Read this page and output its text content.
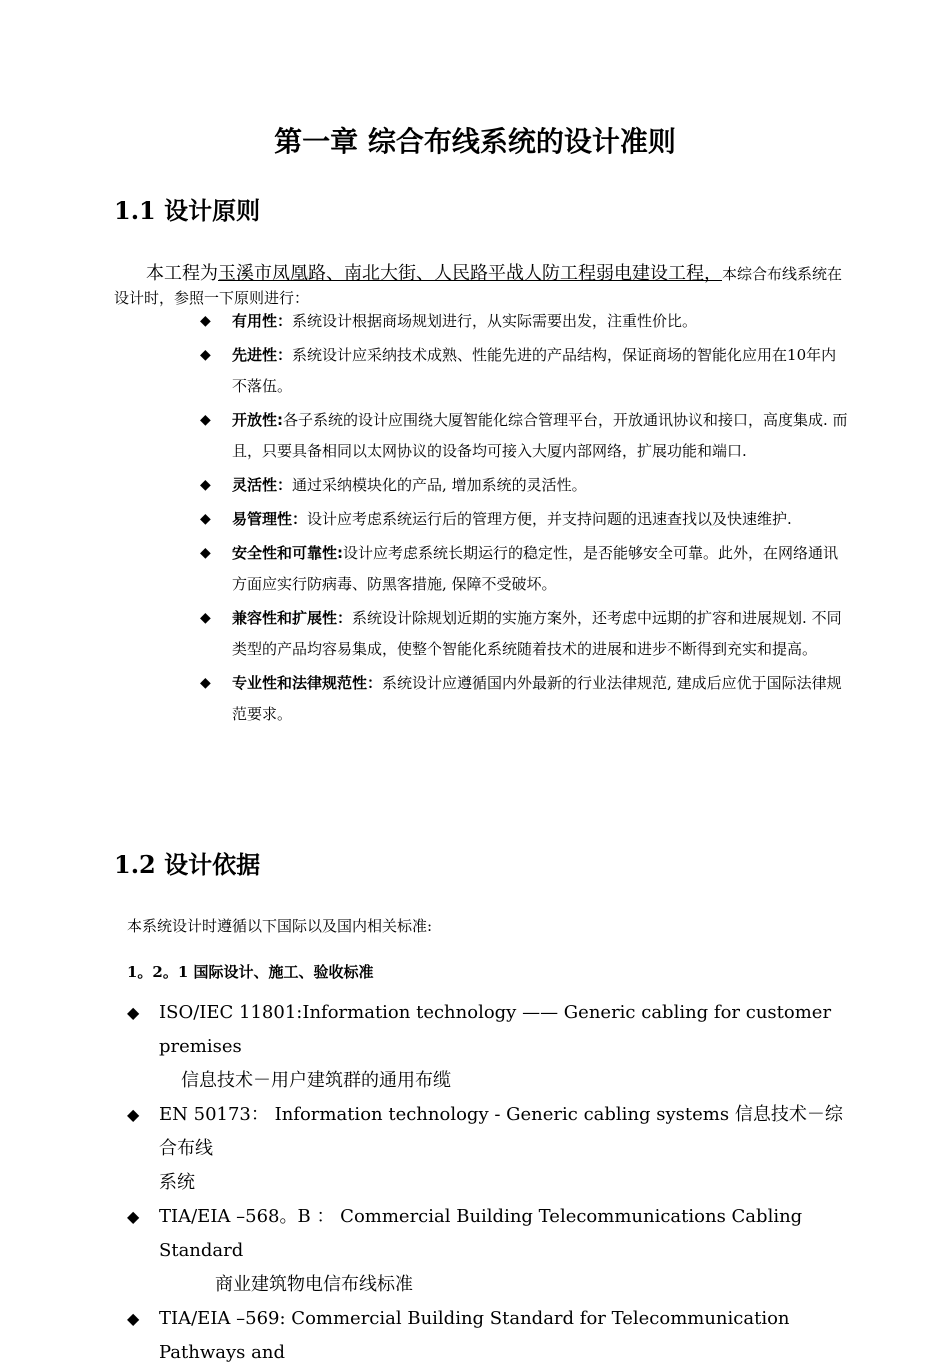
第一章 综合布线系统的设计准则
1.1 设计原则
本工程为玉溪市凤凰路、南北大街、人民路平战人防工程弱电建设工程，本综合布线系统在设计时，参照一下原则进行：
◆ 有用性：系统设计根据商场规划进行，从实际需要出发，注重性价比。
◆ 先进性：系统设计应采纳技术成熟、性能先进的产品结构，保证商场的智能化应用在10年内不落伍。
◆ 开放性:各子系统的设计应围绕大厦智能化综合管理平台，开放通讯协议和接口，高度集成. 而且，只要具备相同以太网协议的设备均可接入大厦内部网络，扩展功能和端口.
◆ 灵活性：通过采纳模块化的产品, 增加系统的灵活性。
◆ 易管理性：设计应考虑系统运行后的管理方便，并支持问题的迅速查找以及快速维护.
◆ 安全性和可靠性:设计应考虑系统长期运行的稳定性，是否能够安全可靠。此外，在网络通讯方面应实行防病毒、防黑客措施, 保障不受破坏。
◆ 兼容性和扩展性：系统设计除规划近期的实施方案外，还考虑中远期的扩容和进展规划. 不同类型的产品均容易集成，使整个智能化系统随着技术的进展和进步不断得到充实和提高。
◆ 专业性和法律规范性：系统设计应遵循国内外最新的行业法律规范, 建成后应优于国际法律规范要求。
1.2 设计依据
本系统设计时遵循以下国际以及国内相关标准:
1。2。1 国际设计、施工、验收标准
◆ ISO/IEC 11801:Information technology —— Generic cabling for customer premises
信息技术－用户建筑群的通用布缆
◆ EN 50173： Information technology - Generic cabling systems 信息技术－综合布线
系统
◆ TIA/EIA –568。B ： Commercial Building Telecommunications Cabling Standard
商业建筑物电信布线标准
◆ TIA/EIA –569: Commercial Building Standard for Telecommunication Pathways and
